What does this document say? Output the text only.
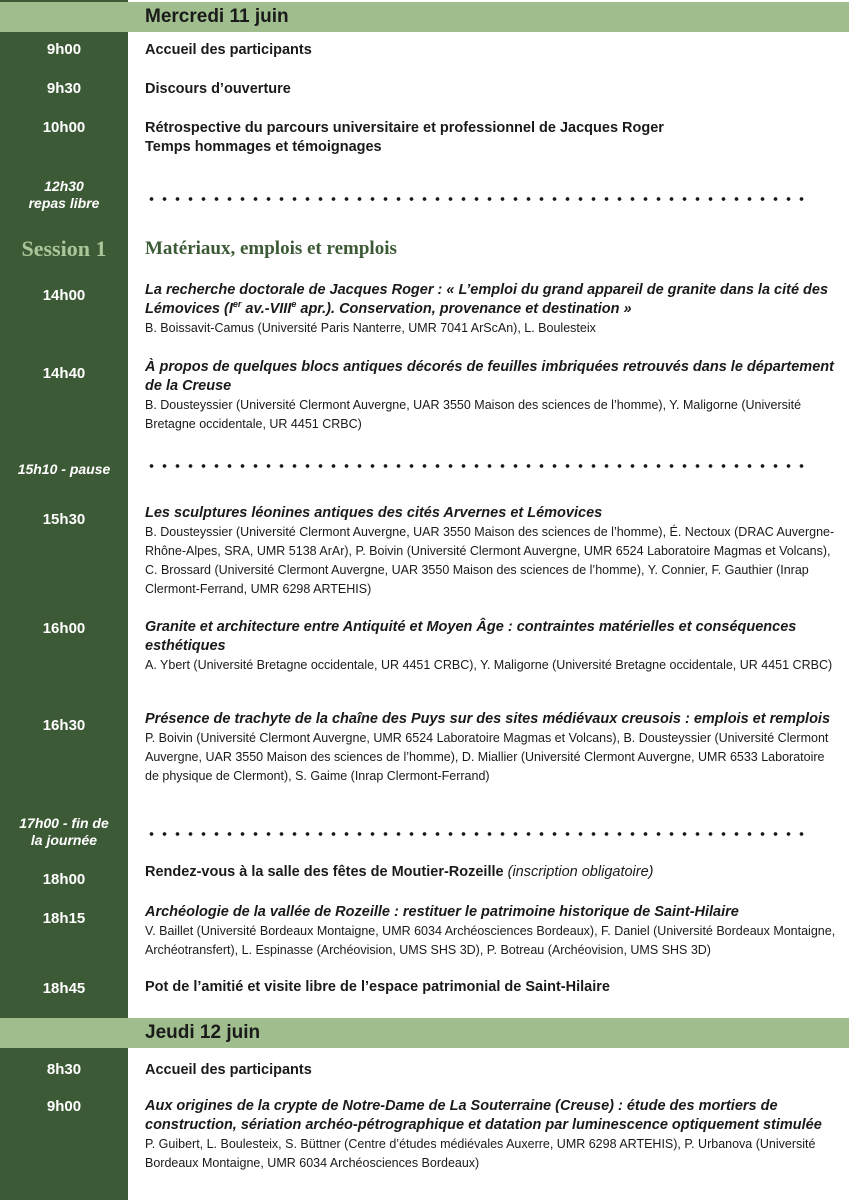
Mercredi 11 juin
9h00
9h30
10h00
12h30
repas libre
Session 1
14h00
14h40
15h10 - pause
15h30
16h00
16h30
17h00 - fin de
la journée
18h00
18h15
18h45
Jeudi 12 juin
8h30
9h00
Accueil des participants
Discours d’ouverture
Rétrospective du parcours universitaire et professionnel de Jacques Roger
Temps hommages et témoignages
Matériaux, emplois et remplois
La recherche doctorale de Jacques Roger : « L’emploi du grand appareil de granite dans la cité des Lémovices (Ier av.-VIIIe apr.). Conservation, provenance et destination »
B. Boissavit-Camus (Université Paris Nanterre, UMR 7041 ArScAn), L. Boulesteix
À propos de quelques blocs antiques décorés de feuilles imbriquées retrouvés dans le département de la Creuse
B. Dousteyssier (Université Clermont Auvergne, UAR 3550 Maison des sciences de l’homme), Y. Maligorne (Université Bretagne occidentale, UR 4451 CRBC)
Les sculptures léonines antiques des cités Arvernes et Lémovices
B. Dousteyssier (Université Clermont Auvergne, UAR 3550 Maison des sciences de l’homme), É. Nectoux (DRAC Auvergne-Rhône-Alpes, SRA, UMR 5138 ArAr), P. Boivin (Université Clermont Auvergne, UMR 6524 Laboratoire Magmas et Volcans), C. Brossard (Université Clermont Auvergne, UAR 3550 Maison des sciences de l’homme), Y. Connier, F. Gauthier (Inrap Clermont-Ferrand, UMR 6298 ARTEHIS)
Granite et architecture entre Antiquité et Moyen Âge : contraintes matérielles et conséquences esthétiques
A. Ybert (Université Bretagne occidentale, UR 4451 CRBC), Y. Maligorne (Université Bretagne occidentale, UR 4451 CRBC)
Présence de trachyte de la chaîne des Puys sur des sites médiévaux creusois : emplois et remplois
P. Boivin (Université Clermont Auvergne, UMR 6524 Laboratoire Magmas et Volcans), B. Dousteyssier (Université Clermont Auvergne, UAR 3550 Maison des sciences de l’homme), D. Miallier (Université Clermont Auvergne, UMR 6533 Laboratoire de physique de Clermont), S. Gaime (Inrap Clermont-Ferrand)
Rendez-vous à la salle des fêtes de Moutier-Rozeille (inscription obligatoire)
Archéologie de la vallée de Rozeille : restituer le patrimoine historique de Saint-Hilaire
V. Baillet (Université Bordeaux Montaigne, UMR 6034 Archéosciences Bordeaux), F. Daniel (Université Bordeaux Montaigne, Archéotransfert), L. Espinasse (Archéovision, UMS SHS 3D), P. Botreau (Archéovision, UMS SHS 3D)
Pot de l’amitié et visite libre de l’espace patrimonial de Saint-Hilaire
Accueil des participants
Aux origines de la crypte de Notre-Dame de La Souterraine (Creuse) : étude des mortiers de construction, sériation archéo-pétrographique et datation par luminescence optiquement stimulée
P. Guibert, L. Boulesteix, S. Büttner (Centre d’études médiévales Auxerre, UMR 6298 ARTEHIS), P. Urbanova (Université Bordeaux Montaigne, UMR 6034 Archéosciences Bordeaux)
